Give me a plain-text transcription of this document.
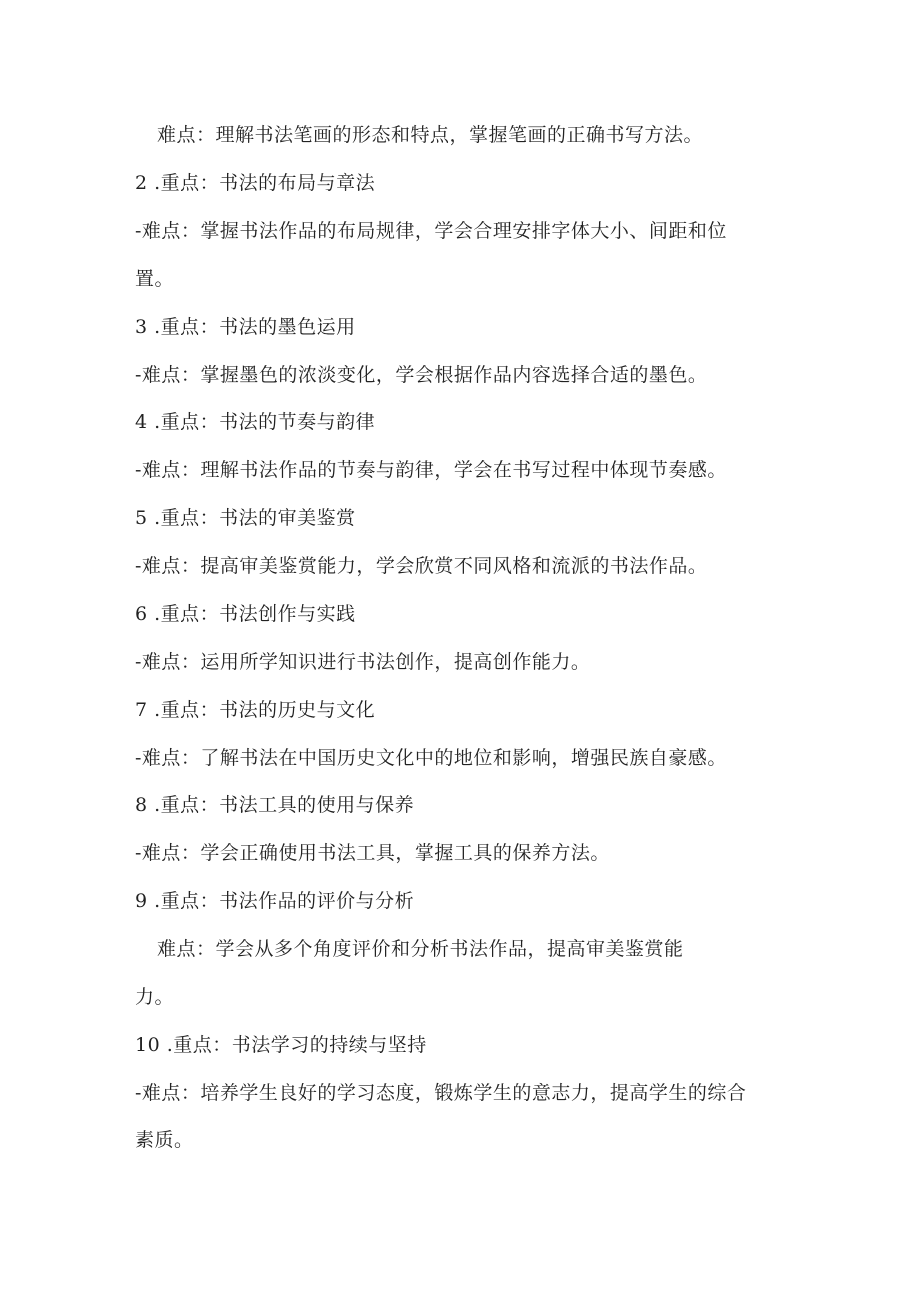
难点：理解书法笔画的形态和特点，掌握笔画的正确书写方法。
2 .重点：书法的布局与章法
-难点：掌握书法作品的布局规律，学会合理安排字体大小、间距和位
置。
3 .重点：书法的墨色运用
-难点：掌握墨色的浓淡变化，学会根据作品内容选择合适的墨色。
4 .重点：书法的节奏与韵律
-难点：理解书法作品的节奏与韵律，学会在书写过程中体现节奏感。
5 .重点：书法的审美鉴赏
-难点：提高审美鉴赏能力，学会欣赏不同风格和流派的书法作品。
6 .重点：书法创作与实践
-难点：运用所学知识进行书法创作，提高创作能力。
7 .重点：书法的历史与文化
-难点：了解书法在中国历史文化中的地位和影响，增强民族自豪感。
8 .重点：书法工具的使用与保养
-难点：学会正确使用书法工具，掌握工具的保养方法。
9 .重点：书法作品的评价与分析
难点：学会从多个角度评价和分析书法作品，提高审美鉴赏能
力。
10 .重点：书法学习的持续与坚持
-难点：培养学生良好的学习态度，锻炼学生的意志力，提高学生的综合
素质。
